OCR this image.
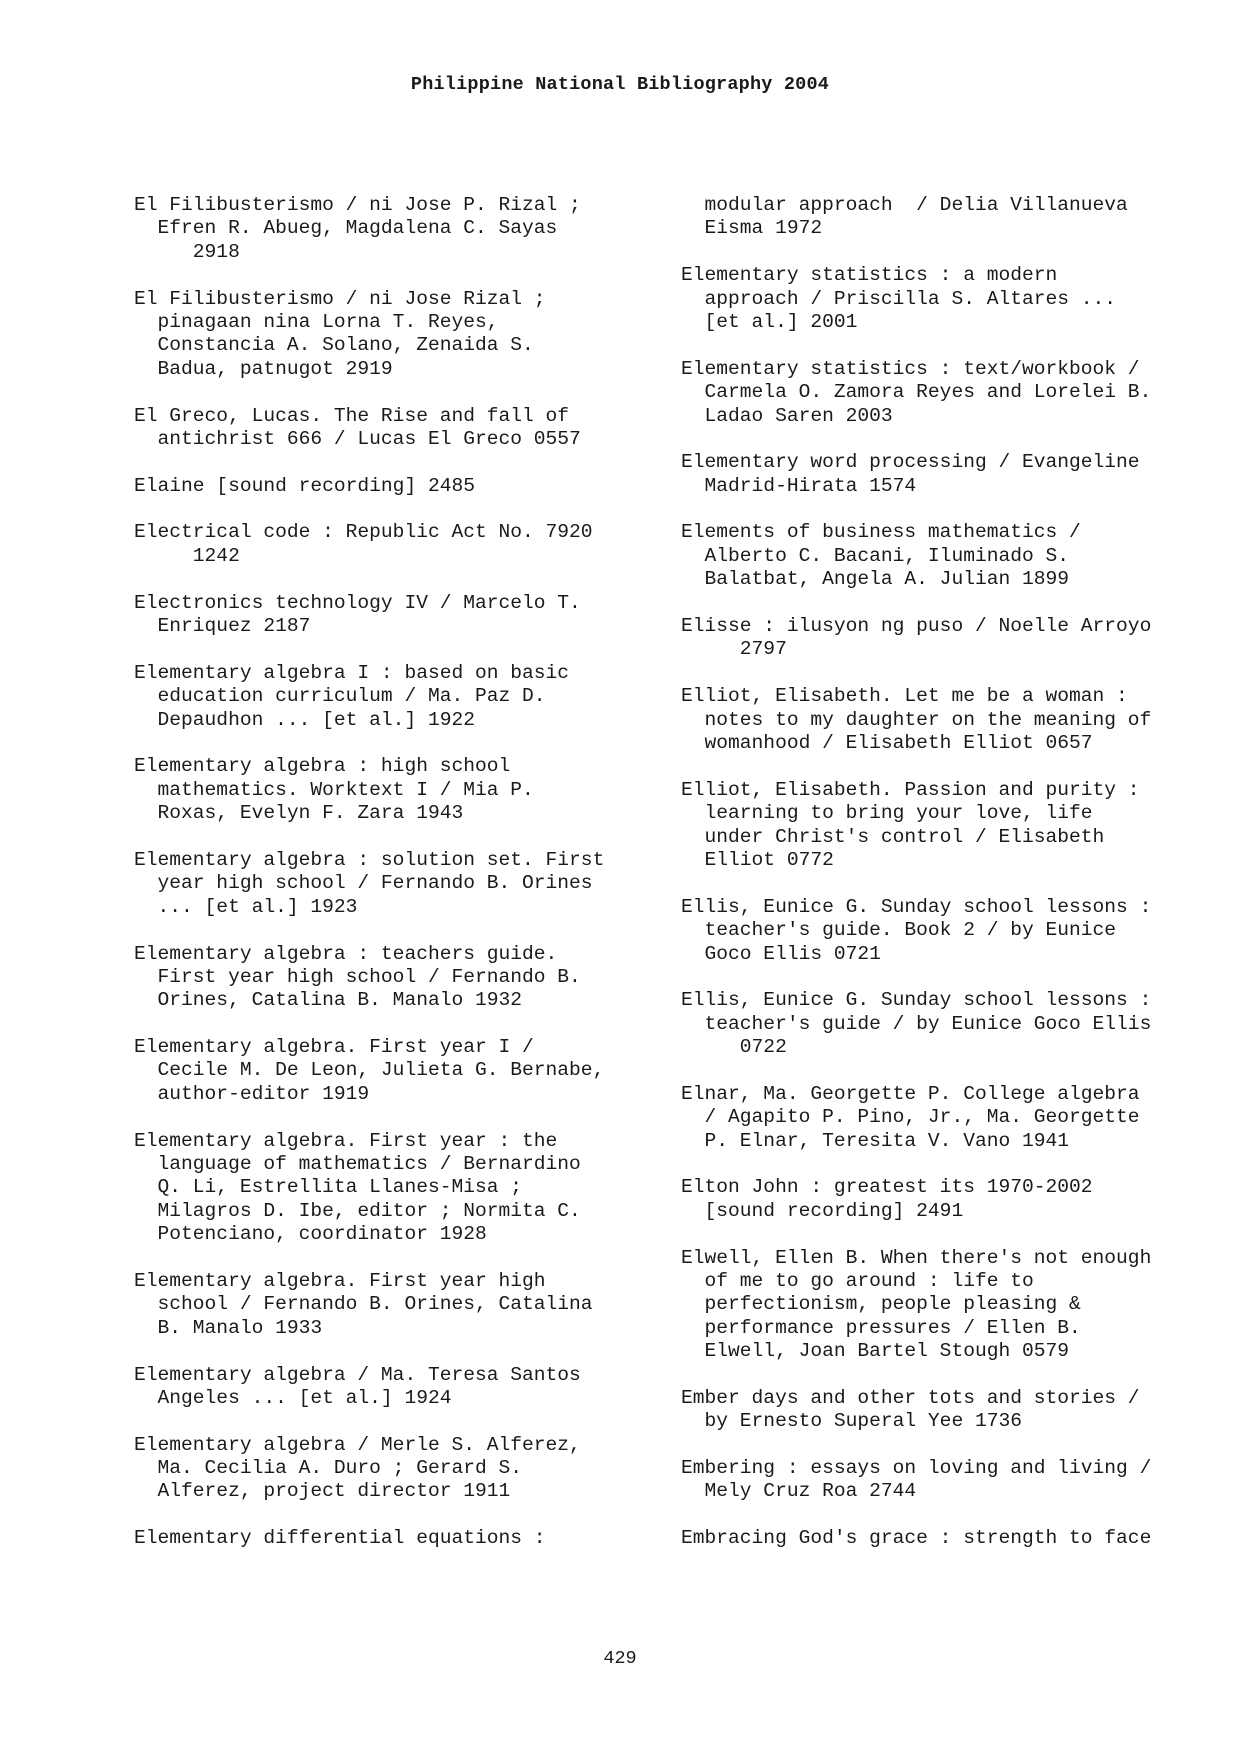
Philippine National Bibliography 2004
El Filibusterismo / ni Jose P. Rizal ;
Efren R. Abueg, Magdalena C. Sayas
2918
El Filibusterismo / ni Jose Rizal ;
pinagaan nina Lorna T. Reyes,
Constancia A. Solano, Zenaida S.
Badua, patnugot 2919
El Greco, Lucas. The Rise and fall of
antichrist 666 / Lucas El Greco 0557
Elaine [sound recording] 2485
Electrical code : Republic Act No. 7920
1242
Electronics technology IV / Marcelo T.
Enriquez 2187
Elementary algebra I : based on basic
education curriculum / Ma. Paz D.
Depaudhon ... [et al.] 1922
Elementary algebra : high school
mathematics. Worktext I / Mia P.
Roxas, Evelyn F. Zara 1943
Elementary algebra : solution set. First
year high school / Fernando B. Orines
... [et al.] 1923
Elementary algebra : teachers guide.
First year high school / Fernando B.
Orines, Catalina B. Manalo 1932
Elementary algebra. First year I /
Cecile M. De Leon, Julieta G. Bernabe,
author-editor 1919
Elementary algebra. First year : the
language of mathematics / Bernardino
Q. Li, Estrellita Llanes-Misa ;
Milagros D. Ibe, editor ; Normita C.
Potenciano, coordinator 1928
Elementary algebra. First year high
school / Fernando B. Orines, Catalina
B. Manalo 1933
Elementary algebra / Ma. Teresa Santos
Angeles ... [et al.] 1924
Elementary algebra / Merle S. Alferez,
Ma. Cecilia A. Duro ; Gerard S.
Alferez, project director 1911
Elementary differential equations :
modular approach  / Delia Villanueva
Eisma 1972
Elementary statistics : a modern
approach / Priscilla S. Altares ...
[et al.] 2001
Elementary statistics : text/workbook /
Carmela O. Zamora Reyes and Lorelei B.
Ladao Saren 2003
Elementary word processing / Evangeline
Madrid-Hirata 1574
Elements of business mathematics /
Alberto C. Bacani, Iluminado S.
Balatbat, Angela A. Julian 1899
Elisse : ilusyon ng puso / Noelle Arroyo
2797
Elliot, Elisabeth. Let me be a woman :
notes to my daughter on the meaning of
womanhood / Elisabeth Elliot 0657
Elliot, Elisabeth. Passion and purity :
learning to bring your love, life
under Christ's control / Elisabeth
Elliot 0772
Ellis, Eunice G. Sunday school lessons :
teacher's guide. Book 2 / by Eunice
Goco Ellis 0721
Ellis, Eunice G. Sunday school lessons :
teacher's guide / by Eunice Goco Ellis
0722
Elnar, Ma. Georgette P. College algebra
/ Agapito P. Pino, Jr., Ma. Georgette
P. Elnar, Teresita V. Vano 1941
Elton John : greatest its 1970-2002
[sound recording] 2491
Elwell, Ellen B. When there's not enough
of me to go around : life to
perfectionism, people pleasing &
performance pressures / Ellen B.
Elwell, Joan Bartel Stough 0579
Ember days and other tots and stories /
by Ernesto Superal Yee 1736
Embering : essays on loving and living /
Mely Cruz Roa 2744
Embracing God's grace : strength to face
429
